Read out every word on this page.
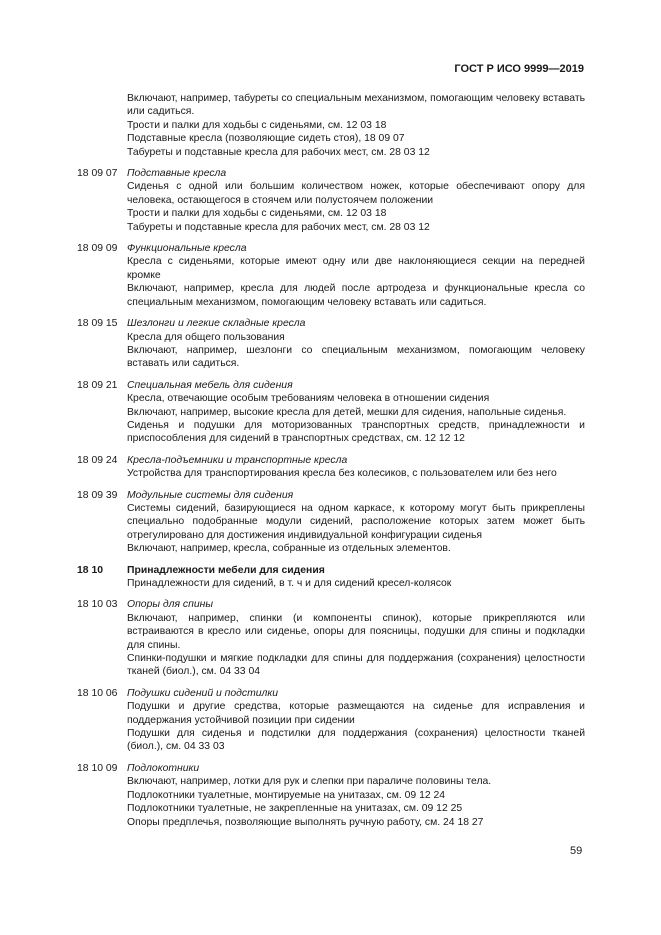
ГОСТ Р ИСО 9999—2019
Включают, например, табуреты со специальным механизмом, помогающим человеку вставать или садиться.
Трости и палки для ходьбы с сиденьями, см. 12 03 18
Подставные кресла (позволяющие сидеть стоя), 18 09 07
Табуреты и подставные кресла для рабочих мест, см. 28 03 12
18 09 07 Подставные кресла
Сиденья с одной или большим количеством ножек, которые обеспечивают опору для человека, остающегося в стоячем или полустоячем положении
Трости и палки для ходьбы с сиденьями, см. 12 03 18
Табуреты и подставные кресла для рабочих мест, см. 28 03 12
18 09 09 Функциональные кресла
Кресла с сиденьями, которые имеют одну или две наклоняющиеся секции на передней кромке
Включают, например, кресла для людей после артродеза и функциональные кресла со специальным механизмом, помогающим человеку вставать или садиться.
18 09 15 Шезлонги и легкие складные кресла
Кресла для общего пользования
Включают, например, шезлонги со специальным механизмом, помогающим человеку вставать или садиться.
18 09 21 Специальная мебель для сидения
Кресла, отвечающие особым требованиям человека в отношении сидения
Включают, например, высокие кресла для детей, мешки для сидения, напольные сиденья.
Сиденья и подушки для моторизованных транспортных средств, принадлежности и приспособления для сидений в транспортных средствах, см. 12 12 12
18 09 24 Кресла-подъемники и транспортные кресла
Устройства для транспортирования кресла без колесиков, с пользователем или без него
18 09 39 Модульные системы для сидения
Системы сидений, базирующиеся на одном каркасе, к которому могут быть прикреплены специально подобранные модули сидений, расположение которых затем может быть отрегулировано для достижения индивидуальной конфигурации сиденья
Включают, например, кресла, собранные из отдельных элементов.
18 10 Принадлежности мебели для сидения
Принадлежности для сидений, в т. ч и для сидений кресел-колясок
18 10 03 Опоры для спины
Включают, например, спинки (и компоненты спинок), которые прикрепляются или встраиваются в кресло или сиденье, опоры для поясницы, подушки для спины и подкладки для спины.
Спинки-подушки и мягкие подкладки для спины для поддержания (сохранения) целостности тканей (биол.), см. 04 33 04
18 10 06 Подушки сидений и подстилки
Подушки и другие средства, которые размещаются на сиденье для исправления и поддержания устойчивой позиции при сидении
Подушки для сиденья и подстилки для поддержания (сохранения) целостности тканей (биол.), см. 04 33 03
18 10 09 Подлокотники
Включают, например, лотки для рук и слепки при параличе половины тела.
Подлокотники туалетные, монтируемые на унитазах, см. 09 12 24
Подлокотники туалетные, не закрепленные на унитазах, см. 09 12 25
Опоры предплечья, позволяющие выполнять ручную работу, см. 24 18 27
59
